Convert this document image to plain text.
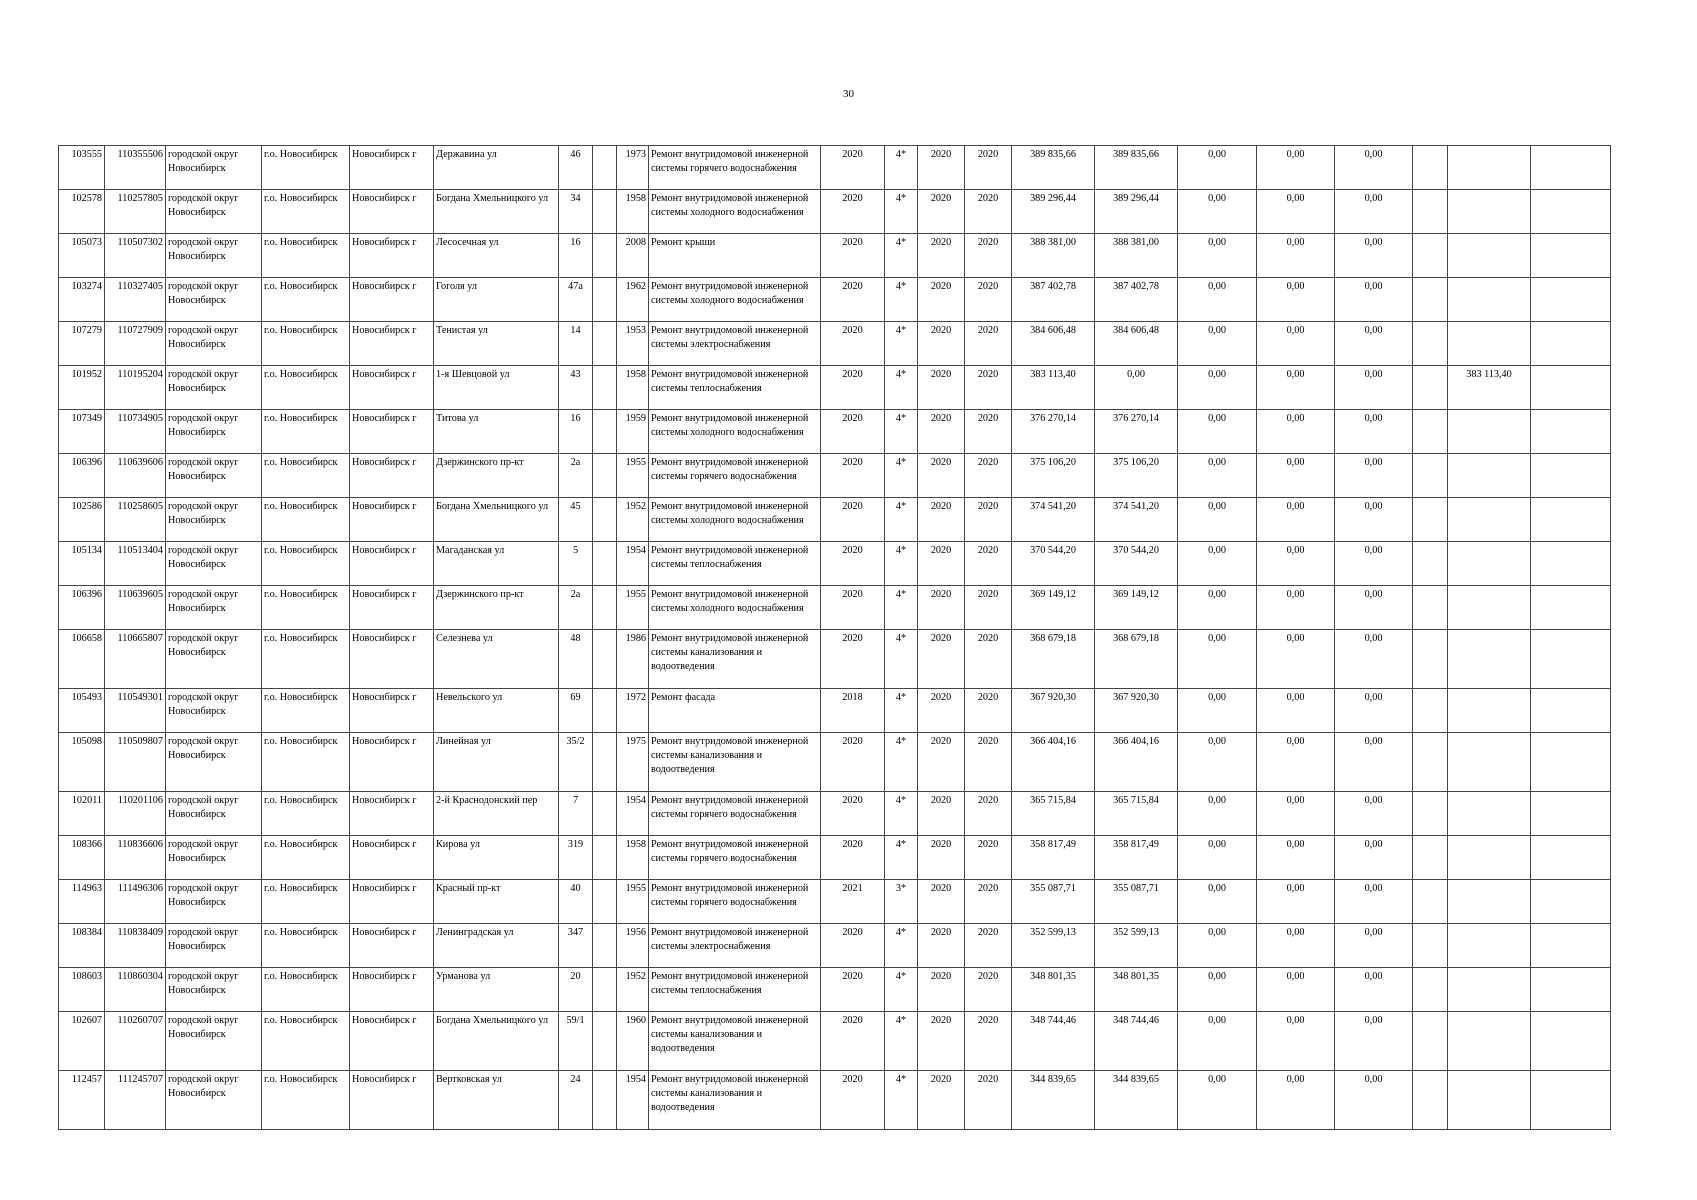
30
103555	110355506	городской округ Новосибирск	г.о. Новосибирск	Новосибирск г	Державина ул	46		1973	Ремонт внутридомовой инженерной системы горячего водоснабжения	2020	4*	2020	2020	389 835,66	389 835,66	0,00	0,00	0,00			
102578	110257805	городской округ Новосибирск	г.о. Новосибирск	Новосибирск г	Богдана Хмельницкого ул	34		1958	Ремонт внутридомовой инженерной системы холодного водоснабжения	2020	4*	2020	2020	389 296,44	389 296,44	0,00	0,00	0,00			
105073	110507302	городской округ Новосибирск	г.о. Новосибирск	Новосибирск г	Лесосечная ул	16		2008	Ремонт крыши	2020	4*	2020	2020	388 381,00	388 381,00	0,00	0,00	0,00			
103274	110327405	городской округ Новосибирск	г.о. Новосибирск	Новосибирск г	Гоголя ул	47а		1962	Ремонт внутридомовой инженерной системы холодного водоснабжения	2020	4*	2020	2020	387 402,78	387 402,78	0,00	0,00	0,00			
107279	110727909	городской округ Новосибирск	г.о. Новосибирск	Новосибирск г	Тенистая ул	14		1953	Ремонт внутридомовой инженерной системы электроснабжения	2020	4*	2020	2020	384 606,48	384 606,48	0,00	0,00	0,00			
101952	110195204	городской округ Новосибирск	г.о. Новосибирск	Новосибирск г	1-я Шевцовой ул	43		1958	Ремонт внутридомовой инженерной системы теплоснабжения	2020	4*	2020	2020	383 113,40	0,00	0,00	0,00	0,00		383 113,40	
107349	110734905	городской округ Новосибирск	г.о. Новосибирск	Новосибирск г	Титова ул	16		1959	Ремонт внутридомовой инженерной системы холодного водоснабжения	2020	4*	2020	2020	376 270,14	376 270,14	0,00	0,00	0,00			
106396	110639606	городской округ Новосибирск	г.о. Новосибирск	Новосибирск г	Дзержинского пр-кт	2а		1955	Ремонт внутридомовой инженерной системы горячего водоснабжения	2020	4*	2020	2020	375 106,20	375 106,20	0,00	0,00	0,00			
102586	110258605	городской округ Новосибирск	г.о. Новосибирск	Новосибирск г	Богдана Хмельницкого ул	45		1952	Ремонт внутридомовой инженерной системы холодного водоснабжения	2020	4*	2020	2020	374 541,20	374 541,20	0,00	0,00	0,00			
105134	110513404	городской округ Новосибирск	г.о. Новосибирск	Новосибирск г	Магаданская ул	5		1954	Ремонт внутридомовой инженерной системы теплоснабжения	2020	4*	2020	2020	370 544,20	370 544,20	0,00	0,00	0,00			
106396	110639605	городской округ Новосибирск	г.о. Новосибирск	Новосибирск г	Дзержинского пр-кт	2а		1955	Ремонт внутридомовой инженерной системы холодного водоснабжения	2020	4*	2020	2020	369 149,12	369 149,12	0,00	0,00	0,00			
106658	110665807	городской округ Новосибирск	г.о. Новосибирск	Новосибирск г	Селезнева ул	48		1986	Ремонт внутридомовой инженерной системы канализования и водоотведения	2020	4*	2020	2020	368 679,18	368 679,18	0,00	0,00	0,00			
105493	110549301	городской округ Новосибирск	г.о. Новосибирск	Новосибирск г	Невельского ул	69		1972	Ремонт фасада	2018	4*	2020	2020	367 920,30	367 920,30	0,00	0,00	0,00			
105098	110509807	городской округ Новосибирск	г.о. Новосибирск	Новосибирск г	Линейная ул	35/2		1975	Ремонт внутридомовой инженерной системы канализования и водоотведения	2020	4*	2020	2020	366 404,16	366 404,16	0,00	0,00	0,00			
102011	110201106	городской округ Новосибирск	г.о. Новосибирск	Новосибирск г	2-й Краснодонский пер	7		1954	Ремонт внутридомовой инженерной системы горячего водоснабжения	2020	4*	2020	2020	365 715,84	365 715,84	0,00	0,00	0,00			
108366	110836606	городской округ Новосибирск	г.о. Новосибирск	Новосибирск г	Кирова ул	319		1958	Ремонт внутридомовой инженерной системы горячего водоснабжения	2020	4*	2020	2020	358 817,49	358 817,49	0,00	0,00	0,00			
114963	111496306	городской округ Новосибирск	г.о. Новосибирск	Новосибирск г	Красный пр-кт	40		1955	Ремонт внутридомовой инженерной системы горячего водоснабжения	2021	3*	2020	2020	355 087,71	355 087,71	0,00	0,00	0,00			
108384	110838409	городской округ Новосибирск	г.о. Новосибирск	Новосибирск г	Ленинградская ул	347		1956	Ремонт внутридомовой инженерной системы электроснабжения	2020	4*	2020	2020	352 599,13	352 599,13	0,00	0,00	0,00			
108603	110860304	городской округ Новосибирск	г.о. Новосибирск	Новосибирск г	Урманова ул	20		1952	Ремонт внутридомовой инженерной системы теплоснабжения	2020	4*	2020	2020	348 801,35	348 801,35	0,00	0,00	0,00			
102607	110260707	городской округ Новосибирск	г.о. Новосибирск	Новосибирск г	Богдана Хмельницкого ул	59/1		1960	Ремонт внутридомовой инженерной системы канализования и водоотведения	2020	4*	2020	2020	348 744,46	348 744,46	0,00	0,00	0,00			
112457	111245707	городской округ Новосибирск	г.о. Новосибирск	Новосибирск г	Вертковская ул	24		1954	Ремонт внутридомовой инженерной системы канализования и водоотведения	2020	4*	2020	2020	344 839,65	344 839,65	0,00	0,00	0,00			
